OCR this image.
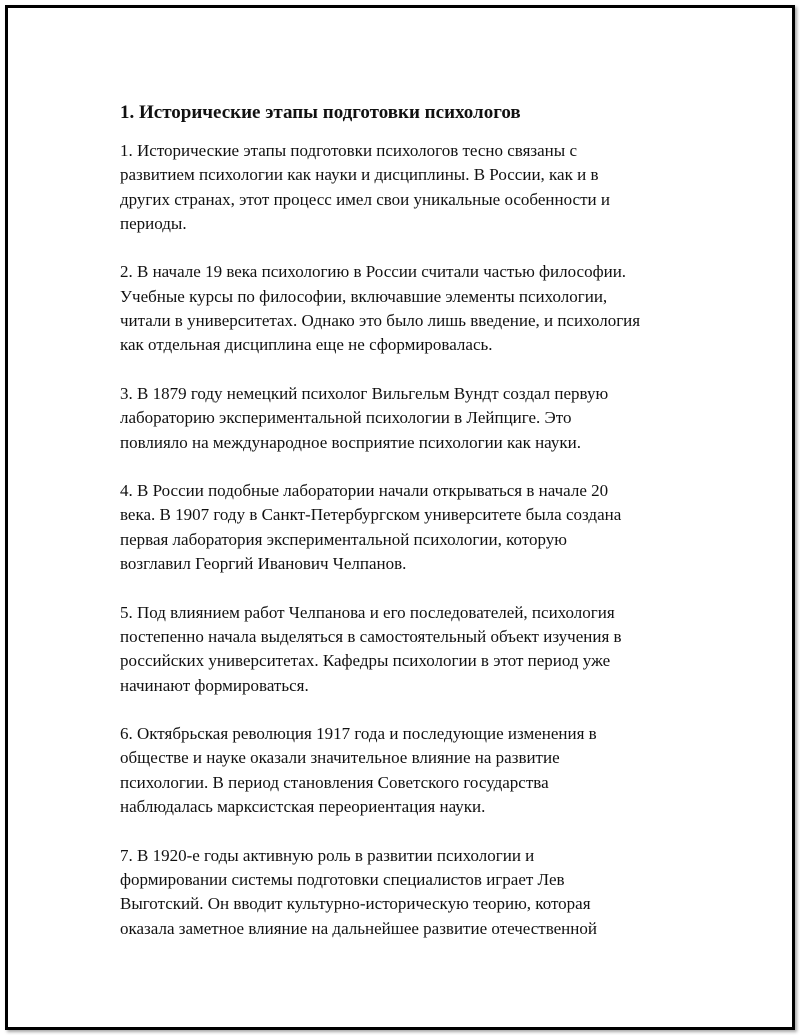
1. Исторические этапы подготовки психологов
1. Исторические этапы подготовки психологов тесно связаны с
развитием психологии как науки и дисциплины. В России, как и в
других странах, этот процесс имел свои уникальные особенности и
периоды.
2. В начале 19 века психологию в России считали частью философии.
Учебные курсы по философии, включавшие элементы психологии,
читали в университетах. Однако это было лишь введение, и психология
как отдельная дисциплина еще не сформировалась.
3. В 1879 году немецкий психолог Вильгельм Вундт создал первую
лабораторию экспериментальной психологии в Лейпциге. Это
повлияло на международное восприятие психологии как науки.
4. В России подобные лаборатории начали открываться в начале 20
века. В 1907 году в Санкт-Петербургском университете была создана
первая лаборатория экспериментальной психологии, которую
возглавил Георгий Иванович Челпанов.
5. Под влиянием работ Челпанова и его последователей, психология
постепенно начала выделяться в самостоятельный объект изучения в
российских университетах. Кафедры психологии в этот период уже
начинают формироваться.
6. Октябрьская революция 1917 года и последующие изменения в
обществе и науке оказали значительное влияние на развитие
психологии. В период становления Советского государства
наблюдалась марксистская переориентация науки.
7. В 1920-е годы активную роль в развитии психологии и
формировании системы подготовки специалистов играет Лев
Выготский. Он вводит культурно-историческую теорию, которая
оказала заметное влияние на дальнейшее развитие отечественной
